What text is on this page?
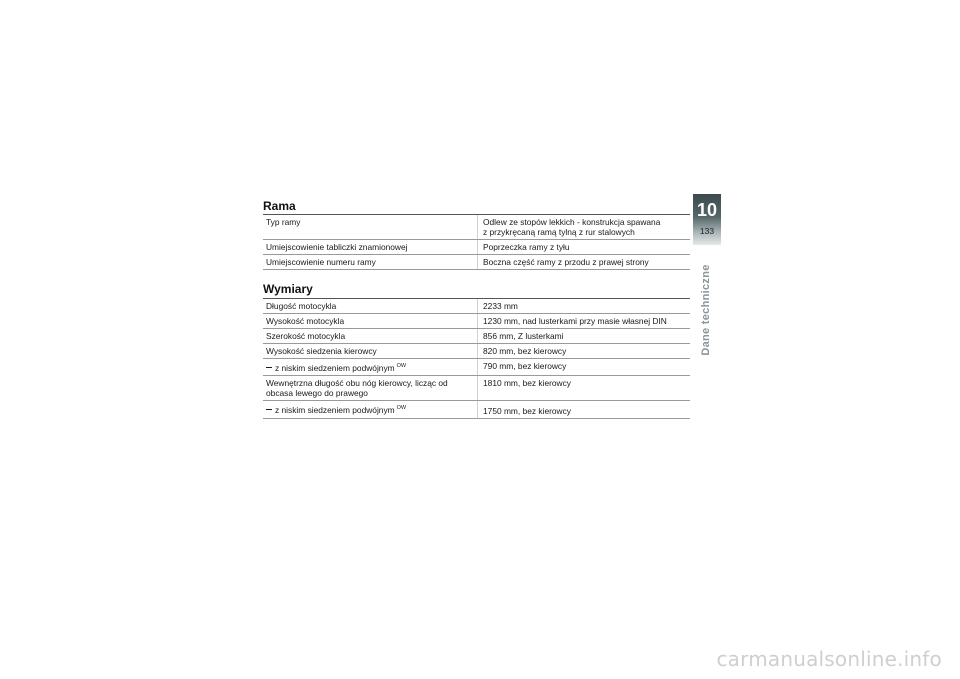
Rama
Typ ramy	Odlew ze stopów lekkich - konstrukcja spawana
z przykręcaną ramą tylną z rur stalowych

Umiejscowienie tabliczki znamionowej	Poprzeczka ramy z tyłu
Umiejscowienie numeru ramy	Boczna część ramy z przodu z prawej strony
Wymiary
Długość motocykla	2233 mm
Wysokość motocykla	1230 mm, nad lusterkami przy masie własnej DIN
Szerokość motocykla	856 mm, Z lusterkami
Wysokość siedzenia kierowcy	820 mm, bez kierowcy
z niskim siedzeniem podwójnym $^{OW}$	790 mm, bez kierowcy

Wewnętrzna długość obu nóg kierowcy, licząc od
obcasa lewego do prawego	1810 mm, bez kierowcy
z niskim siedzeniem podwójnym $^{OW}$	1750 mm, bez kierowcy
10
133
Dane techniczne
carmanualsonline.info
